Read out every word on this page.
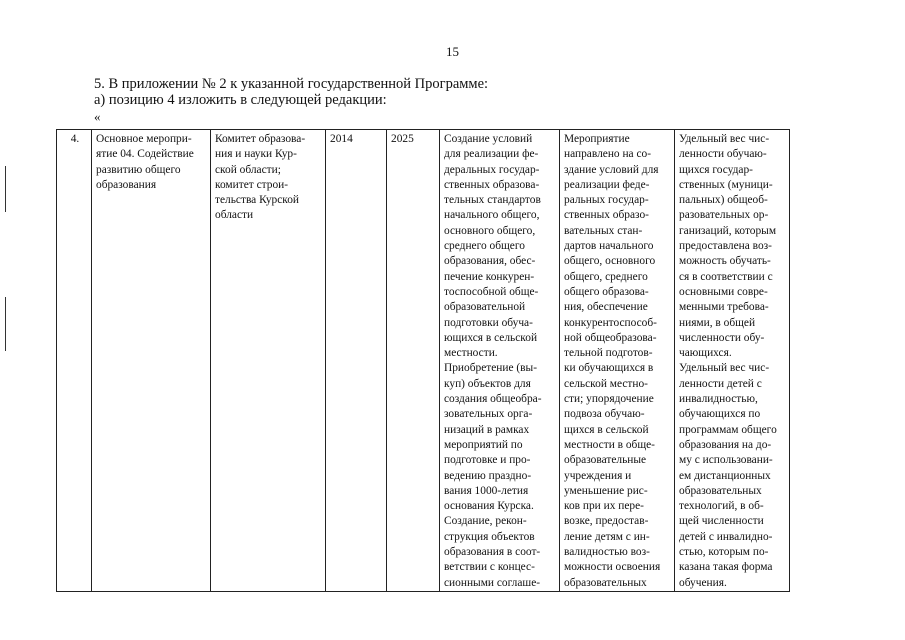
15
5. В приложении № 2 к указанной государственной Программе:
а) позицию 4 изложить в следующей редакции:
«
4.	Основное меропри-
ятие 04. Содействие
развитию общего
образования	Комитет образова-
ния и науки Кур-
ской области;
комитет строи-
тельства Курской
области	2014	2025	Создание условий
для реализации фе-
деральных государ-
ственных образова-
тельных стандартов
начального общего,
основного общего,
среднего общего
образования, обес-
печение конкурен-
тоспособной обще-
образовательной
подготовки обуча-
ющихся в сельской
местности.
Приобретение (вы-
куп) объектов для
создания общеобра-
зовательных орга-
низаций в рамках
мероприятий по
подготовке и про-
ведению праздно-
вания 1000-летия
основания Курска.
Создание, рекон-
струкция объектов
образования в соот-
ветствии с концес-
сионными соглаше-	Мероприятие
направлено на со-
здание условий для
реализации феде-
ральных государ-
ственных образо-
вательных стан-
дартов начального
общего, основного
общего, среднего
общего образова-
ния, обеспечение
конкурентоспособ-
ной общеобразова-
тельной подготов-
ки обучающихся в
сельской местно-
сти; упорядочение
подвоза обучаю-
щихся в сельской
местности в обще-
образовательные
учреждения и
уменьшение рис-
ков при их пере-
возке, предостав-
ление детям с ин-
валидностью воз-
можности освоения
образовательных	Удельный вес чис-
ленности обучаю-
щихся государ-
ственных (муници-
пальных) общеоб-
разовательных ор-
ганизаций, которым
предоставлена воз-
можность обучать-
ся в соответствии с
основными совре-
менными требова-
ниями, в общей
численности обу-
чающихся.
Удельный вес чис-
ленности детей с
инвалидностью,
обучающихся по
программам общего
образования на до-
му с использовани-
ем дистанционных
образовательных
технологий, в об-
щей численности
детей с инвалидно-
стью, которым по-
казана такая форма
обучения.
